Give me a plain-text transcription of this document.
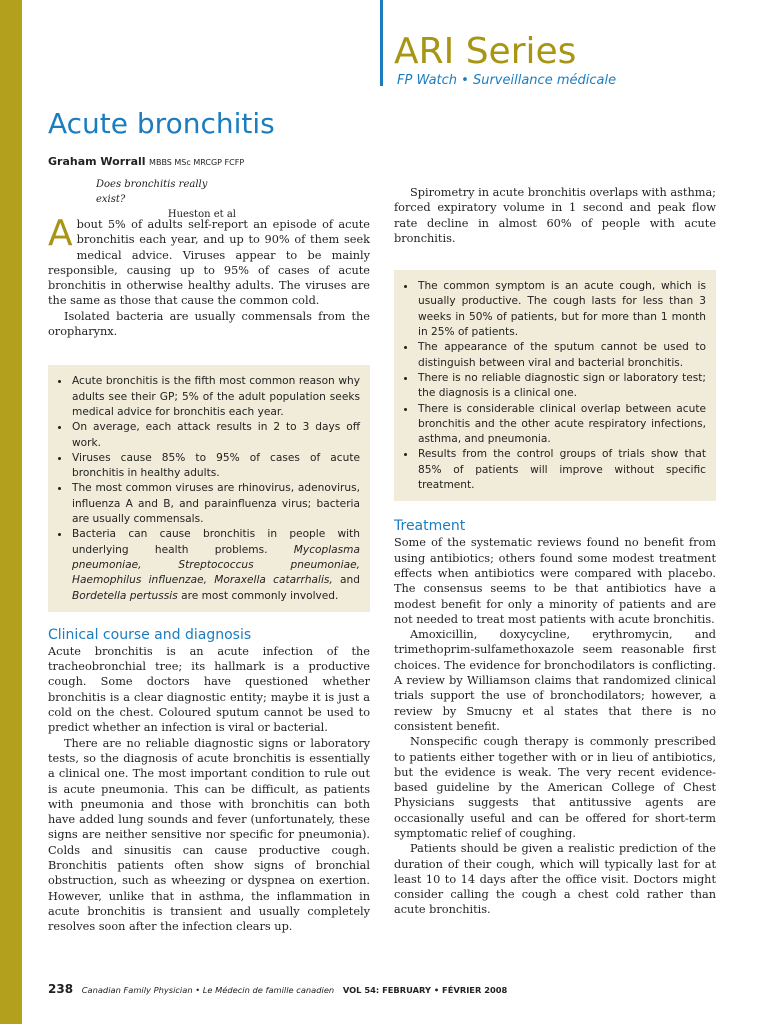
ARI Series
FP Watch • Surveillance médicale
Acute bronchitis
Graham Worrall MBBS MSc MRCGP FCFP
Does bronchitis really exist?
Hueston et al

About 5% of adults self-report an episode of acute bronchitis each year, and up to 90% of them seek medical advice. Viruses appear to be mainly responsible, causing up to 95% of cases of acute bronchitis in otherwise healthy adults. The viruses are the same as those that cause the common cold.

Isolated bacteria are usually commensals from the oropharynx.

• Acute bronchitis is the fifth most common reason why adults see their GP; 5% of the adult population seeks medical advice for bronchitis each year.
• On average, each attack results in 2 to 3 days off work.
• Viruses cause 85% to 95% of cases of acute bronchitis in healthy adults.
• The most common viruses are rhinovirus, adenovirus, influenza A and B, and parainfluenza virus; bacteria are usually commensals.
• Bacteria can cause bronchitis in people with underlying health problems. Mycoplasma pneumoniae, Streptococcus pneumoniae, Haemophilus influenzae, Moraxella catarrhalis, and Bordetella pertussis are most commonly involved.
Clinical course and diagnosis

Acute bronchitis is an acute infection of the tracheobronchial tree; its hallmark is a productive cough. Some doctors have questioned whether bronchitis is a clear diagnostic entity; maybe it is just a cold on the chest. Coloured sputum cannot be used to predict whether an infection is viral or bacterial.

There are no reliable diagnostic signs or laboratory tests, so the diagnosis of acute bronchitis is essentially a clinical one. The most important condition to rule out is acute pneumonia. This can be difficult, as patients with pneumonia and those with bronchitis can both have added lung sounds and fever (unfortunately, these signs are neither sensitive nor specific for pneumonia). Colds and sinusitis can cause productive cough. Bronchitis patients often show signs of bronchial obstruction, such as wheezing or dyspnea on exertion. However, unlike that in asthma, the inflammation in acute bronchitis is transient and usually completely resolves soon after the infection clears up.

Spirometry in acute bronchitis overlaps with asthma; forced expiratory volume in 1 second and peak flow rate decline in almost 60% of people with acute bronchitis.

• The common symptom is an acute cough, which is usually productive. The cough lasts for less than 3 weeks in 50% of patients, but for more than 1 month in 25% of patients.
• The appearance of the sputum cannot be used to distinguish between viral and bacterial bronchitis.
• There is no reliable diagnostic sign or laboratory test; the diagnosis is a clinical one.
• There is considerable clinical overlap between acute bronchitis and the other acute respiratory infections, asthma, and pneumonia.
• Results from the control groups of trials show that 85% of patients will improve without specific treatment.
Treatment

Some of the systematic reviews found no benefit from using antibiotics; others found some modest treatment effects when antibiotics were compared with placebo. The consensus seems to be that antibiotics have a modest benefit for only a minority of patients and are not needed to treat most patients with acute bronchitis.

Amoxicillin, doxycycline, erythromycin, and trimethoprim-sulfamethoxazole seem reasonable first choices. The evidence for bronchodilators is conflicting. A review by Williamson claims that randomized clinical trials support the use of bronchodilators; however, a review by Smucny et al states that there is no consistent benefit.

Nonspecific cough therapy is commonly prescribed to patients either together with or in lieu of antibiotics, but the evidence is weak. The very recent evidence-based guideline by the American College of Chest Physicians suggests that antitussive agents are occasionally useful and can be offered for short-term symptomatic relief of coughing.

Patients should be given a realistic prediction of the duration of their cough, which will typically last for at least 10 to 14 days after the office visit. Doctors might consider calling the cough a chest cold rather than acute bronchitis.

238 Canadian Family Physician • Le Médecin de famille canadien VOL 54: FEBRUARY • FÉVRIER 2008
